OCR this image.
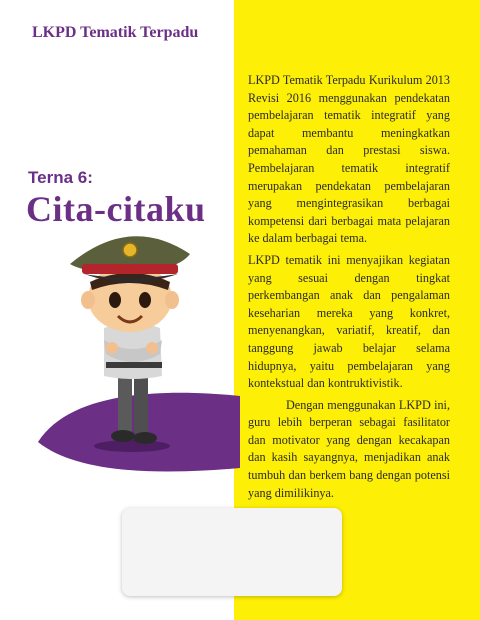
LKPD Tematik Terpadu
Terna 6:
Cita-citaku

LKPD Tematik Terpadu Kurikulum 2013 Revisi 2016 menggunakan pendekatan pembelajaran tematik integratif yang dapat membantu meningkatkan pemahaman dan prestasi siswa. Pembelajaran tematik integratif merupakan pendekatan pembelajaran yang mengintegrasikan berbagai kompetensi dari berbagai mata pelajaran ke dalam berbagai tema.

LKPD tematik ini menyajikan kegiatan yang sesuai dengan tingkat perkembangan anak dan pengalaman keseharian mereka yang konkret, menyenangkan, variatif, kreatif, dan tanggung jawab belajar selama hidupnya, yaitu pembelajaran yang kontekstual dan kontruktivistik.

Dengan menggunakan LKPD ini, guru lebih berperan sebagai fasilitator dan motivator yang dengan kecakapan dan kasih sayangnya, menjadikan anak tumbuh dan berkem bang dengan potensi yang dimilikinya.
